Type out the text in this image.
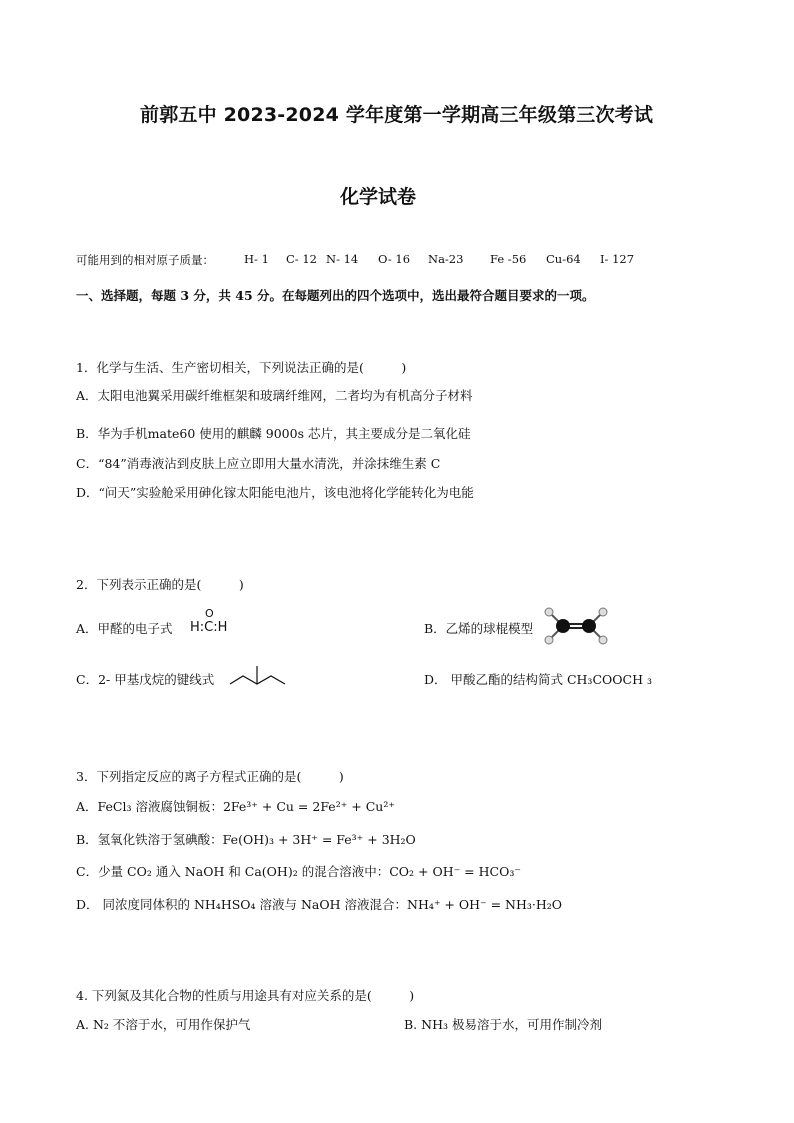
前郭五中 2023-2024 学年度第一学期高三年级第三次考试
化学试卷
可能用到的相对原子质量：	H- 1 C- 12 N- 14 O- 16 Na-23 Fe -56 Cu-64 I- 127
一、选择题，每题 3 分，共 45 分。在每题列出的四个选项中，选出最符合题目要求的一项。
1．化学与生活、生产密切相关，下列说法正确的是(　　　)
A．太阳电池翼采用碳纤维框架和玻璃纤维网，二者均为有机高分子材料
B．华为手机mate60 使用的麒麟 9000s 芯片，其主要成分是二氧化硅
C．“84”消毒液沾到皮肤上应立即用大量水清洗，并涂抹维生素 C
D．“问天”实验舱采用砷化镓太阳能电池片，该电池将化学能转化为电能
2．下列表示正确的是(　　　)
A．甲醛的电子式
O
H:C:H	B．乙烯的球棍模型
C．2- 甲基戊烷的键线式	D． 甲酸乙酯的结构简式 CH₃COOCH ₃
3．下列指定反应的离子方程式正确的是(　　　)
A．FeCl₃ 溶液腐蚀铜板：2Fe³⁺ + Cu = 2Fe²⁺ + Cu²⁺
B．氢氧化铁溶于氢碘酸：Fe(OH)₃ + 3H⁺ = Fe³⁺ + 3H₂O
C．少量 CO₂ 通入 NaOH 和 Ca(OH)₂ 的混合溶液中：CO₂ + OH⁻ = HCO₃⁻
D． 同浓度同体积的 NH₄HSO₄ 溶液与 NaOH 溶液混合：NH₄⁺ + OH⁻ = NH₃·H₂O
4. 下列氮及其化合物的性质与用途具有对应关系的是(　　　)
A. N₂ 不溶于水，可用作保护气	B. NH₃ 极易溶于水，可用作制冷剂
